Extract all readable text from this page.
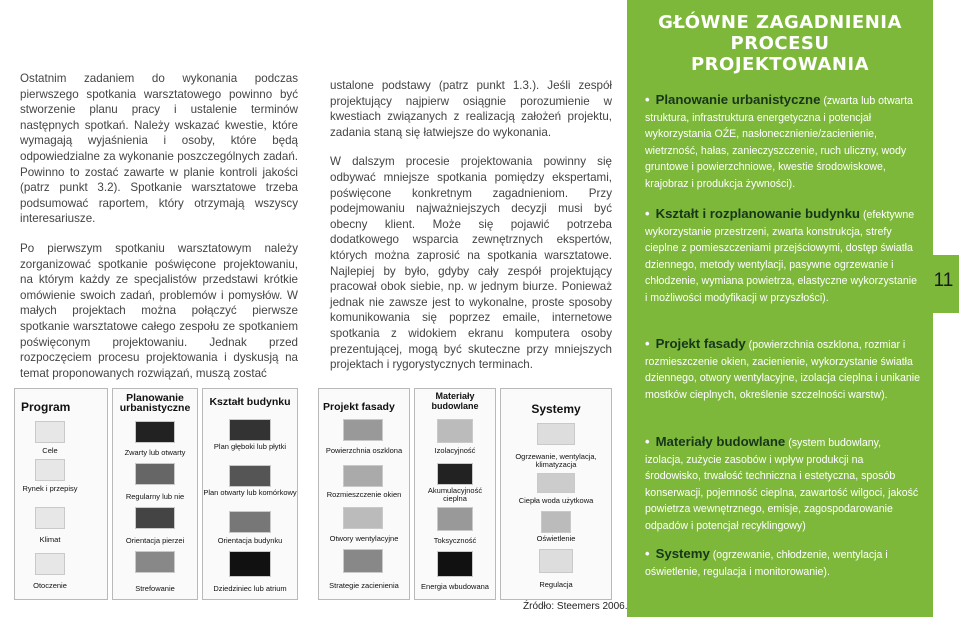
Ostatnim zadaniem do wykonania podczas pierwszego spotkania warsztatowego powinno być stworzenie planu pracy i ustalenie terminów następnych spotkań. Należy wskazać kwestie, które wymagają wyjaśnienia i osoby, które będą odpowiedzialne za wykonanie poszczególnych zadań. Powinno to zostać zawarte w planie kontroli jakości (patrz punkt 3.2). Spotkanie warsztatowe trzeba podsumować raportem, który otrzymają wszyscy interesariusze.

Po pierwszym spotkaniu warsztatowym należy zorganizować spotkanie poświęcone projektowaniu, na którym każdy ze specjalistów przedstawi krótkie omówienie swoich zadań, problemów i pomysłów. W małych projektach można połączyć pierwsze spotkanie warsztatowe całego zespołu ze spotkaniem poświęconym projektowaniu. Jednak przed rozpoczęciem procesu projektowania i dyskusją na temat proponowanych rozwiązań, muszą zostać

ustalone podstawy (patrz punkt 1.3.). Jeśli zespół projektujący najpierw osiągnie porozumienie w kwestiach związanych z realizacją założeń projektu, zadania staną się łatwiejsze do wykonania.

W dalszym procesie projektowania powinny się odbywać mniejsze spotkania pomiędzy ekspertami, poświęcone konkretnym zagadnieniom. Przy podejmowaniu najważniejszych decyzji musi być obecny klient. Może się pojawić potrzeba dodatkowego wsparcia zewnętrznych ekspertów, których można zaprosić na spotkania warsztatowe. Najlepiej by było, gdyby cały zespół projektujący pracował obok siebie, np. w jednym biurze. Ponieważ jednak nie zawsze jest to wykonalne, proste sposoby komunikowania się poprzez emaile, internetowe spotkania z widokiem ekranu komputera osoby prezentującej, mogą być skuteczne przy mniejszych projektach i rygorystycznych terminach.

GŁÓWNE ZAGADNIENIA
PROCESU
PROJEKTOWANIA
• Planowanie urbanistyczne (zwarta lub otwarta struktura, infrastruktura energetyczna i potencjał wykorzystania OŹE, nasłonecznienie/zacienienie, wietrzność, hałas, zanieczyszczenie, ruch uliczny, wody gruntowe i powierzchniowe, kwestie środowiskowe, krajobraz i produkcja żywności).
• Kształt i rozplanowanie budynku (efektywne wykorzystanie przestrzeni, zwarta konstrukcja, strefy cieplne z pomieszczeniami przejściowymi, dostęp światła dziennego, metody wentylacji, pasywne ogrzewanie i chłodzenie, wymiana powietrza, elastyczne wykorzystanie i możliwości modyfikacji w przyszłości).
• Projekt fasady (powierzchnia oszklona, rozmiar i rozmieszczenie okien, zacienienie, wykorzystanie światła dziennego, otwory wentylacyjne, izolacja cieplna i unikanie mostków cieplnych, określenie szczelności warstw).
• Materiały budowlane (system budowlany, izolacja, zużycie zasobów i wpływ produkcji na środowisko, trwałość techniczna i estetyczna, sposób konserwacji, pojemność cieplna, zawartość wilgoci, jakość powietrza wewnętrznego, emisje, zagospodarowanie odpadów i potencjał recyklingowy)
• Systemy (ogrzewanie, chłodzenie, wentylacja i oświetlenie, regulacja i monitorowanie).
11
Program
Cele
Rynek i przepisy
Klimat
Otoczenie
Planowanie urbanistyczne
Zwarty lub otwarty
Regularny lub nie
Orientacja pierzei
Strefowanie
Kształt budynku
Plan głęboki lub płytki
Plan otwarty lub komórkowy
Orientacja budynku
Dziedziniec lub atrium
Projekt fasady
Powierzchnia oszklona
Rozmieszczenie okien
Otwory wentylacyjne
Strategie zacienienia
Materiały budowlane
Izolacyjność
Akumulacyjność cieplna
Toksyczność
Energia wbudowana
Systemy
Ogrzewanie, wentylacja, klimatyzacja
Ciepła woda użytkowa
Oświetlenie
Regulacja
Źródło: Steemers 2006.
